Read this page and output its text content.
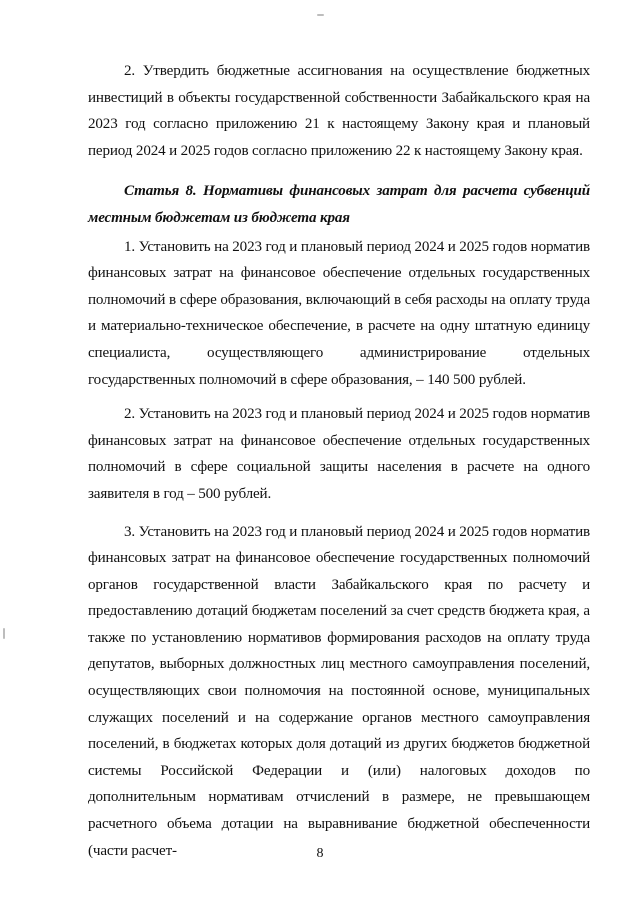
2. Утвердить бюджетные ассигнования на осуществление бюджетных инвестиций в объекты государственной собственности Забайкальского края на 2023 год согласно приложению 21 к настоящему Закону края и плановый период 2024 и 2025 годов согласно приложению 22 к настоящему Закону края.

Статья 8. Нормативы финансовых затрат для расчета субвенций местным бюджетам из бюджета края

1. Установить на 2023 год и плановый период 2024 и 2025 годов норматив финансовых затрат на финансовое обеспечение отдельных государственных полномочий в сфере образования, включающий в себя расходы на оплату труда и материально-техническое обеспечение, в расчете на одну штатную единицу специалиста, осуществляющего администрирование отдельных государственных полномочий в сфере образования, – 140 500 рублей.

2. Установить на 2023 год и плановый период 2024 и 2025 годов норматив финансовых затрат на финансовое обеспечение отдельных государственных полномочий в сфере социальной защиты населения в расчете на одного заявителя в год – 500 рублей.

3. Установить на 2023 год и плановый период 2024 и 2025 годов норматив финансовых затрат на финансовое обеспечение государственных полномочий органов государственной власти Забайкальского края по расчету и предоставлению дотаций бюджетам поселений за счет средств бюджета края, а также по установлению нормативов формирования расходов на оплату труда депутатов, выборных должностных лиц местного самоуправления поселений, осуществляющих свои полномочия на постоянной основе, муниципальных служащих поселений и на содержание органов местного самоуправления поселений, в бюджетах которых доля дотаций из других бюджетов бюджетной системы Российской Федерации и (или) налоговых доходов по дополнительным нормативам отчислений в размере, не превышающем расчетного объема дотации на выравнивание бюджетной обеспеченности (части расчет-	8
